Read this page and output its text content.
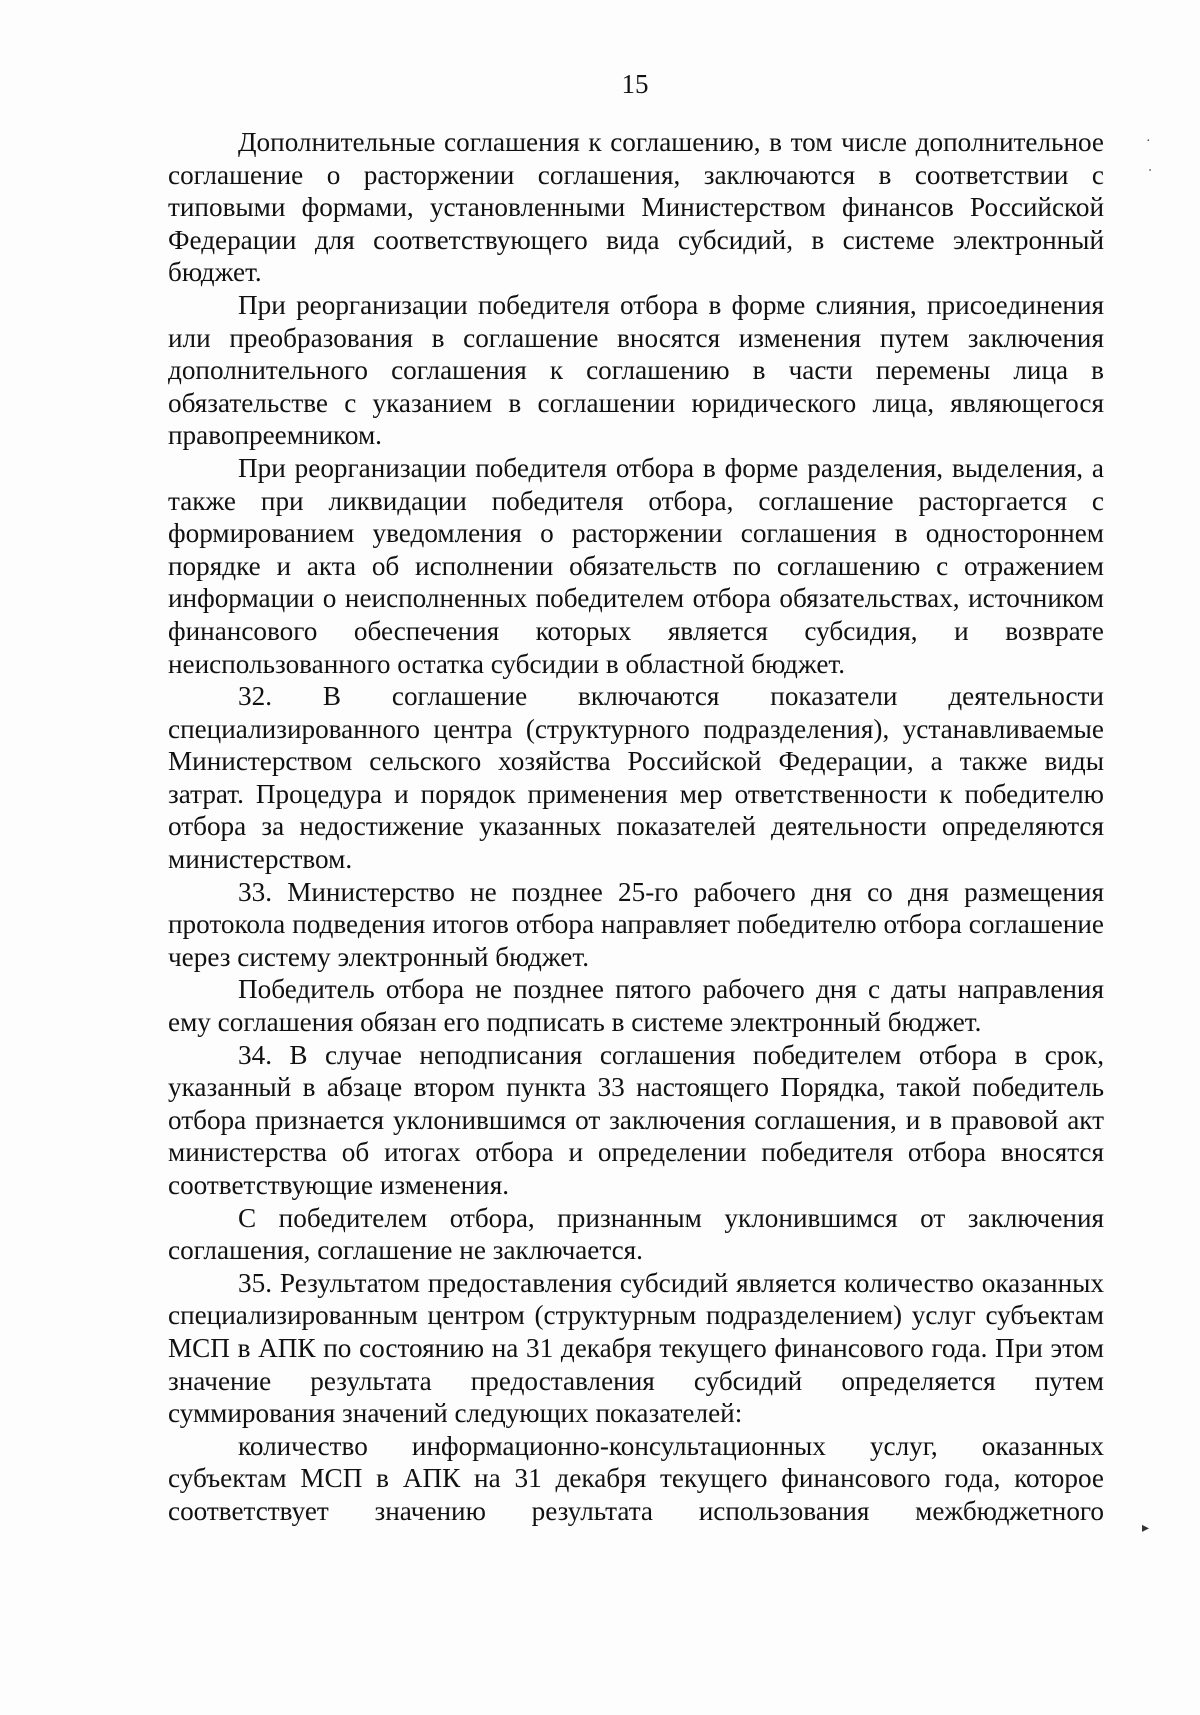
15

Дополнительные соглашения к соглашению, в том числе дополнительное соглашение о расторжении соглашения, заключаются в соответствии с типовыми формами, установленными Министерством финансов Российской Федерации для соответствующего вида субсидий, в системе электронный бюджет.

При реорганизации победителя отбора в форме слияния, присоединения или преобразования в соглашение вносятся изменения путем заключения дополнительного соглашения к соглашению в части перемены лица в обязательстве с указанием в соглашении юридического лица, являющегося правопреемником.

При реорганизации победителя отбора в форме разделения, выделения, а также при ликвидации победителя отбора, соглашение расторгается с формированием уведомления о расторжении соглашения в одностороннем порядке и акта об исполнении обязательств по соглашению с отражением информации о неисполненных победителем отбора обязательствах, источником финансового обеспечения которых является субсидия, и возврате неиспользованного остатка субсидии в областной бюджет.

32. В соглашение включаются показатели деятельности специализированного центра (структурного подразделения), устанавливаемые Министерством сельского хозяйства Российской Федерации, а также виды затрат. Процедура и порядок применения мер ответственности к победителю отбора за недостижение указанных показателей деятельности определяются министерством.

33. Министерство не позднее 25-го рабочего дня со дня размещения протокола подведения итогов отбора направляет победителю отбора соглашение через систему электронный бюджет.

Победитель отбора не позднее пятого рабочего дня с даты направления ему соглашения обязан его подписать в системе электронный бюджет.

34. В случае неподписания соглашения победителем отбора в срок, указанный в абзаце втором пункта 33 настоящего Порядка, такой победитель отбора признается уклонившимся от заключения соглашения, и в правовой акт министерства об итогах отбора и определении победителя отбора вносятся соответствующие изменения.

С победителем отбора, признанным уклонившимся от заключения соглашения, соглашение не заключается.

35. Результатом предоставления субсидий является количество оказанных специализированным центром (структурным подразделением) услуг субъектам МСП в АПК по состоянию на 31 декабря текущего финансового года. При этом значение результата предоставления субсидий определяется путем суммирования значений следующих показателей:

количество информационно-консультационных услуг, оказанных субъектам МСП в АПК на 31 декабря текущего финансового года, которое соответствует значению результата использования межбюджетного

·
ᐧ
▸
